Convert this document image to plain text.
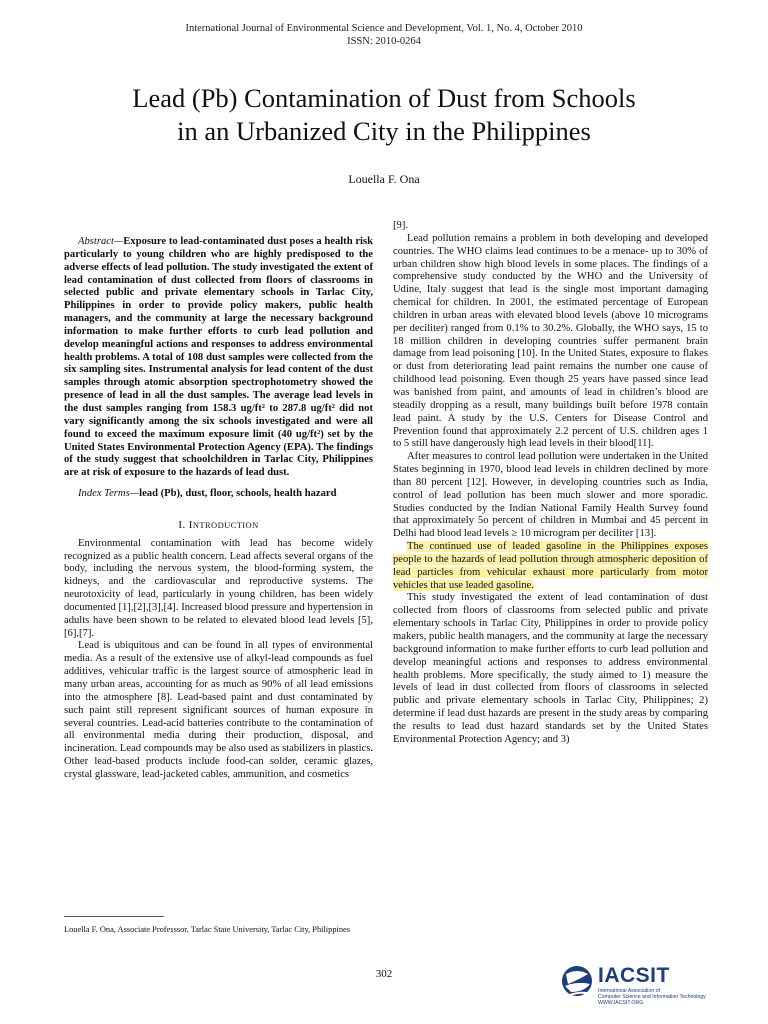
International Journal of Environmental Science and Development, Vol. 1, No. 4, October 2010
ISSN: 2010-0264
Lead (Pb) Contamination of Dust from Schools
in an Urbanized City in the Philippines
Louella F. Ona

Abstract—Exposure to lead-contaminated dust poses a health risk particularly to young children who are highly predisposed to the adverse effects of lead pollution. The study investigated the extent of lead contamination of dust collected from floors of classrooms in selected public and private elementary schools in Tarlac City, Philippines in order to provide policy makers, public health managers, and the community at large the necessary background information to make further efforts to curb lead pollution and develop meaningful actions and responses to address environmental health problems. A total of 108 dust samples were collected from the six sampling sites. Instrumental analysis for lead content of the dust samples through atomic absorption spectrophotometry showed the presence of lead in all the dust samples. The average lead levels in the dust samples ranging from 158.3 ug/ft² to 287.8 ug/ft² did not vary significantly among the six schools investigated and were all found to exceed the maximum exposure limit (40 ug/ft²) set by the United States Environmental Protection Agency (EPA). The findings of the study suggest that schoolchildren in Tarlac City, Philippines are at risk of exposure to the hazards of lead dust.

Index Terms—lead (Pb), dust, floor, schools, health hazard

I. INTRODUCTION

Environmental contamination with lead has become widely recognized as a public health concern. Lead affects several organs of the body, including the nervous system, the blood-forming system, the kidneys, and the cardiovascular and reproductive systems. The neurotoxicity of lead, particularly in young children, has been widely documented [1],[2],[3],[4]. Increased blood pressure and hypertension in adults have been shown to be related to elevated blood lead levels [5],[6],[7].

Lead is ubiquitous and can be found in all types of environmental media. As a result of the extensive use of alkyl-lead compounds as fuel additives, vehicular traffic is the largest source of atmospheric lead in many urban areas, accounting for as much as 90% of all lead emissions into the atmosphere [8]. Lead-based paint and dust contaminated by such paint still represent significant sources of human exposure in several countries. Lead-acid batteries contribute to the contamination of all environmental media during their production, disposal, and incineration. Lead compounds may be also used as stabilizers in plastics. Other lead-based products include food-can solder, ceramic glazes, crystal glassware, lead-jacketed cables, ammunition, and cosmetics

Louella F. Ona, Associate Professsor, Tarlac State University, Tarlac City, Philippines

[9].

Lead pollution remains a problem in both developing and developed countries. The WHO claims lead continues to be a menace- up to 30% of urban children show high blood levels in some places. The findings of a comprehensive study conducted by the WHO and the University of Udine, Italy suggest that lead is the single most important damaging chemical for children. In 2001, the estimated percentage of European children in urban areas with elevated blood levels (above 10 micrograms per deciliter) ranged from 0.1% to 30.2%. Globally, the WHO says, 15 to 18 million children in developing countries suffer permanent brain damage from lead poisoning [10]. In the United States, exposure to flakes or dust from deteriorating lead paint remains the number one cause of childhood lead poisoning. Even though 25 years have passed since lead was banished from paint, and amounts of lead in children’s blood are steadily dropping as a result, many buildings built before 1978 contain lead paint. A study by the U.S. Centers for Disease Control and Prevention found that approximately 2.2 percent of U.S. children ages 1 to 5 still have dangerously high lead levels in their blood[11].

After measures to control lead pollution were undertaken in the United States beginning in 1970, blood lead levels in children declined by more than 80 percent [12]. However, in developing countries such as India, control of lead pollution has been much slower and more sporadic. Studies conducted by the Indian National Family Health Survey found that approximately 5o percent of children in Mumbai and 45 percent in Delhi had blood lead levels ≥ 10 microgram per deciliter [13].

The continued use of leaded gasoline in the Philippines exposes people to the hazards of lead pollution through atmospheric deposition of lead particles from vehicular exhaust more particularly from motor vehicles that use leaded gasoline.

This study investigated the extent of lead contamination of dust collected from floors of classrooms from selected public and private elementary schools in Tarlac City, Philippines in order to provide policy makers, public health managers, and the community at large the necessary background information to make further efforts to curb lead pollution and develop meaningful actions and responses to address environmental health problems. More specifically, the study aimed to 1) measure the levels of lead in dust collected from floors of classrooms in selected public and private elementary schools in Tarlac City, Philippines; 2) determine if lead dust hazards are present in the study areas by comparing the results to lead dust hazard standards set by the United States Environmental Protection Agency; and 3)

302	IACSIT
International Association of
Computer Science and Information Technology
WWW.IACSIT.ORG
